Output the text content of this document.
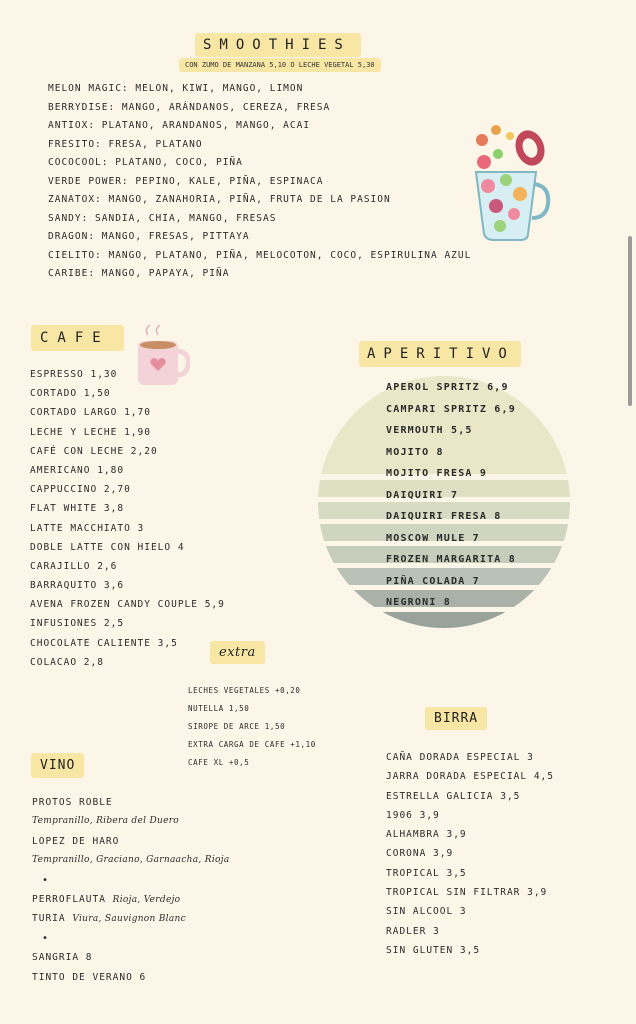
SMOOTHIES
CON ZUMO DE MANZANA 5,10 O LECHE VEGETAL 5,30
MELON MAGIC: MELON, KIWI, MANGO, LIMON
BERRYDISE: MANGO, ARÁNDANOS, CEREZA, FRESA
ANTIOX: PLATANO, ARANDANOS, MANGO, ACAI
FRESITO: FRESA, PLATANO
COCOCOOL: PLATANO, COCO, PIÑA
VERDE POWER: PEPINO, KALE, PIÑA, ESPINACA
ZANATOX: MANGO, ZANAHORIA, PIÑA, FRUTA DE LA PASION
SANDY: SANDIA, CHIA, MANGO, FRESAS
DRAGON: MANGO, FRESAS, PITTAYA
CIELITO: MANGO, PLATANO, PIÑA, MELOCOTON, COCO, ESPIRULINA AZUL
CARIBE: MANGO, PAPAYA, PIÑA
CAFE
ESPRESSO 1,30
CORTADO 1,50
CORTADO LARGO 1,70
LECHE Y LECHE 1,90
CAFÉ CON LECHE 2,20
AMERICANO 1,80
CAPPUCCINO 2,70
FLAT WHITE 3,8
LATTE MACCHIATO 3
DOBLE LATTE CON HIELO 4
CARAJILLO 2,6
BARRAQUITO 3,6
AVENA FROZEN CANDY COUPLE 5,9
INFUSIONES 2,5
CHOCOLATE CALIENTE 3,5
COLACAO 2,8
extra
LECHES VEGETALES +0,20
NUTELLA 1,50
SIROPE DE ARCE 1,50
EXTRA CARGA DE CAFE +1,10
CAFE XL +0,5
APERITIVO
APEROL SPRITZ 6,9
CAMPARI SPRITZ 6,9
VERMOUTH 5,5
MOJITO 8
MOJITO FRESA 9
DAIQUIRI 7
DAIQUIRI FRESA 8
MOSCOW MULE 7
FROZEN MARGARITA 8
PIÑA COLADA 7
NEGRONI 8
BIRRA
CAÑA DORADA ESPECIAL 3
JARRA DORADA ESPECIAL 4,5
ESTRELLA GALICIA 3,5
1906 3,9
ALHAMBRA 3,9
CORONA 3,9
TROPICAL 3,5
TROPICAL SIN FILTRAR 3,9
SIN ALCOOL 3
RADLER 3
SIN GLUTEN 3,5
VINO
PROTOS ROBLE
Tempranillo, Ribera del Duero
LOPEZ DE HARO
Tempranillo, Graciano, Garnaacha, Rioja
•
PERROFLAUTA Rioja, Verdejo
TURIA Viura, Sauvignon Blanc
•
SANGRIA 8
TINTO DE VERANO 6
